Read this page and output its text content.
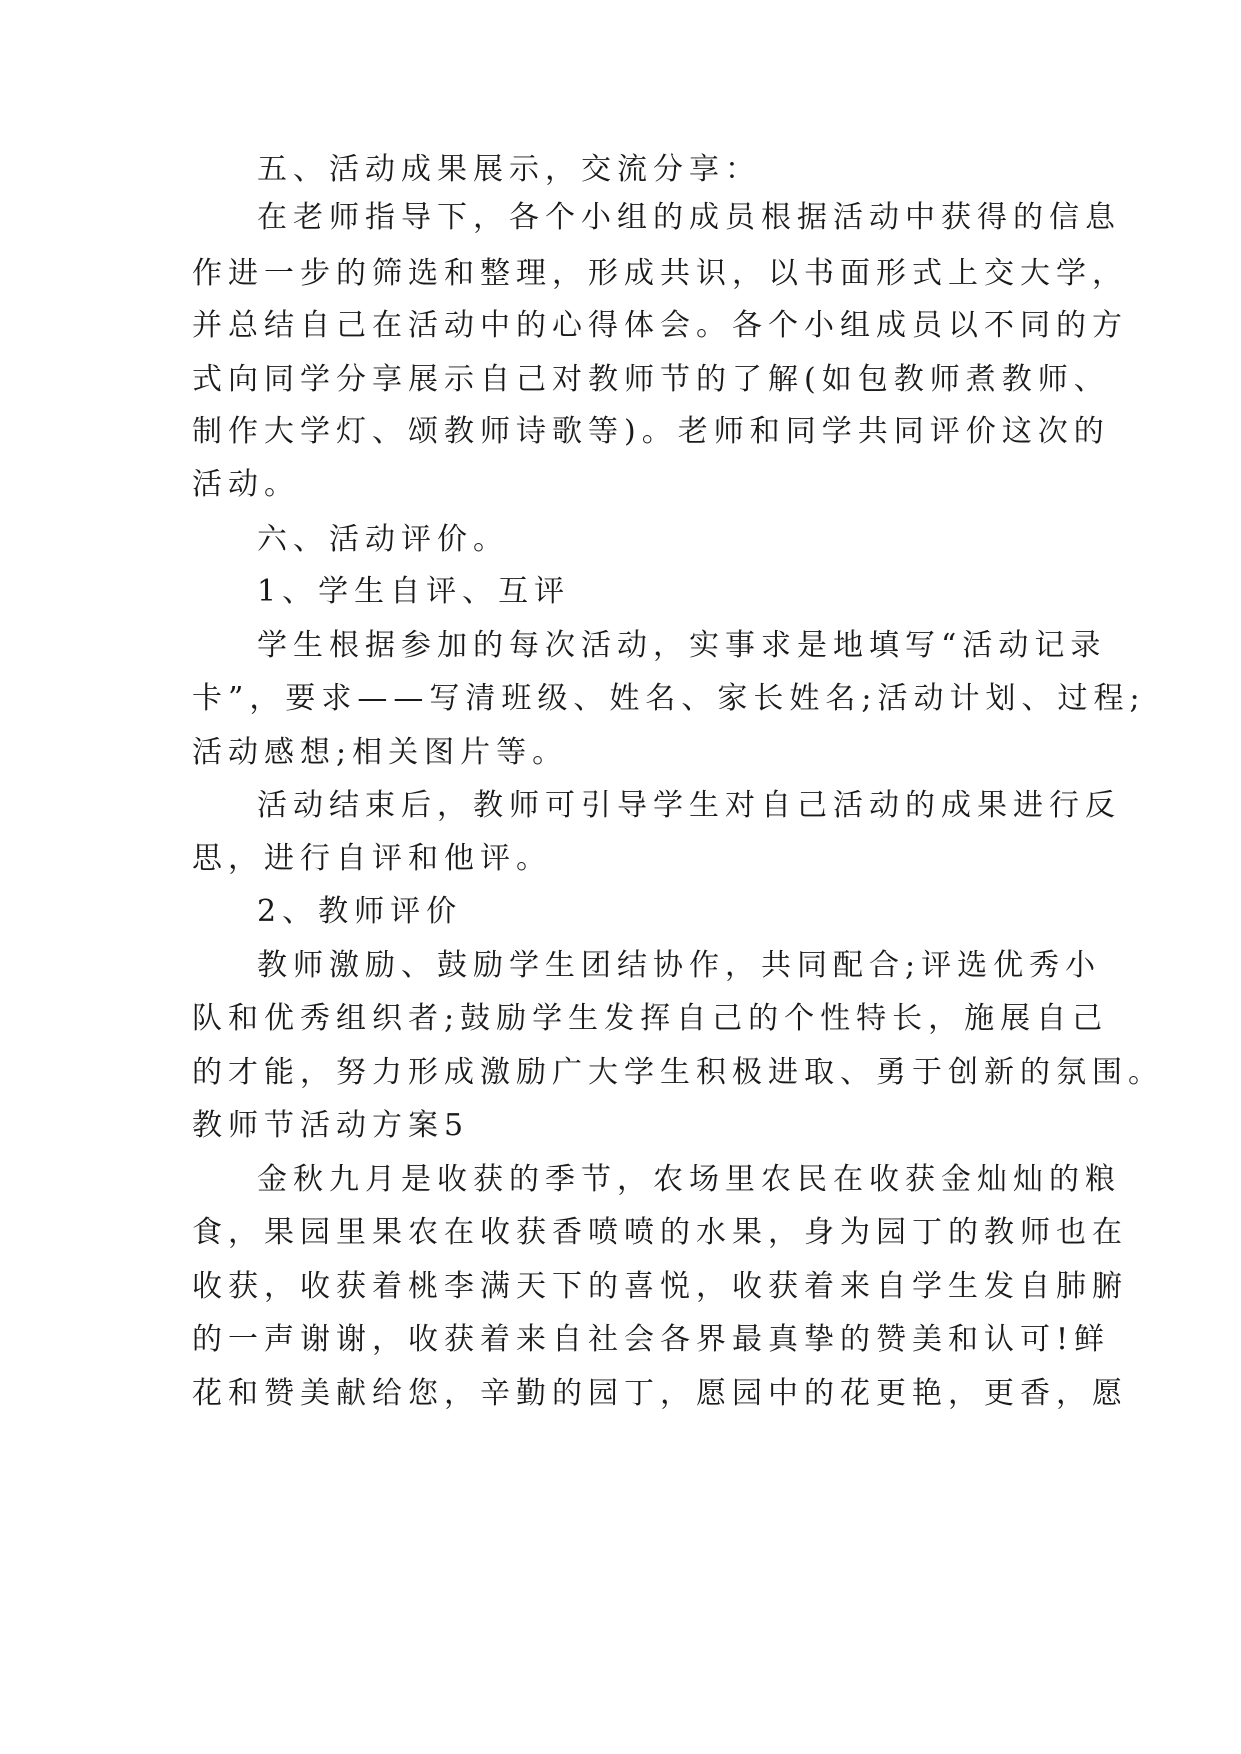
五、活动成果展示，交流分享：
在老师指导下，各个小组的成员根据活动中获得的信息
作进一步的筛选和整理，形成共识，以书面形式上交大学，
并总结自己在活动中的心得体会。各个小组成员以不同的方
式向同学分享展示自己对教师节的了解(如包教师煮教师、
制作大学灯、颂教师诗歌等)。老师和同学共同评价这次的
活动。
六、活动评价。
1、学生自评、互评
学生根据参加的每次活动，实事求是地填写“活动记录
卡”，要求——写清班级、姓名、家长姓名;活动计划、过程;
活动感想;相关图片等。
活动结束后，教师可引导学生对自己活动的成果进行反
思，进行自评和他评。
2、教师评价
教师激励、鼓励学生团结协作，共同配合;评选优秀小
队和优秀组织者;鼓励学生发挥自己的个性特长，施展自己
的才能，努力形成激励广大学生积极进取、勇于创新的氛围。
教师节活动方案5
金秋九月是收获的季节，农场里农民在收获金灿灿的粮
食，果园里果农在收获香喷喷的水果，身为园丁的教师也在
收获，收获着桃李满天下的喜悦，收获着来自学生发自肺腑
的一声谢谢，收获着来自社会各界最真挚的赞美和认可!鲜
花和赞美献给您，辛勤的园丁，愿园中的花更艳，更香，愿
